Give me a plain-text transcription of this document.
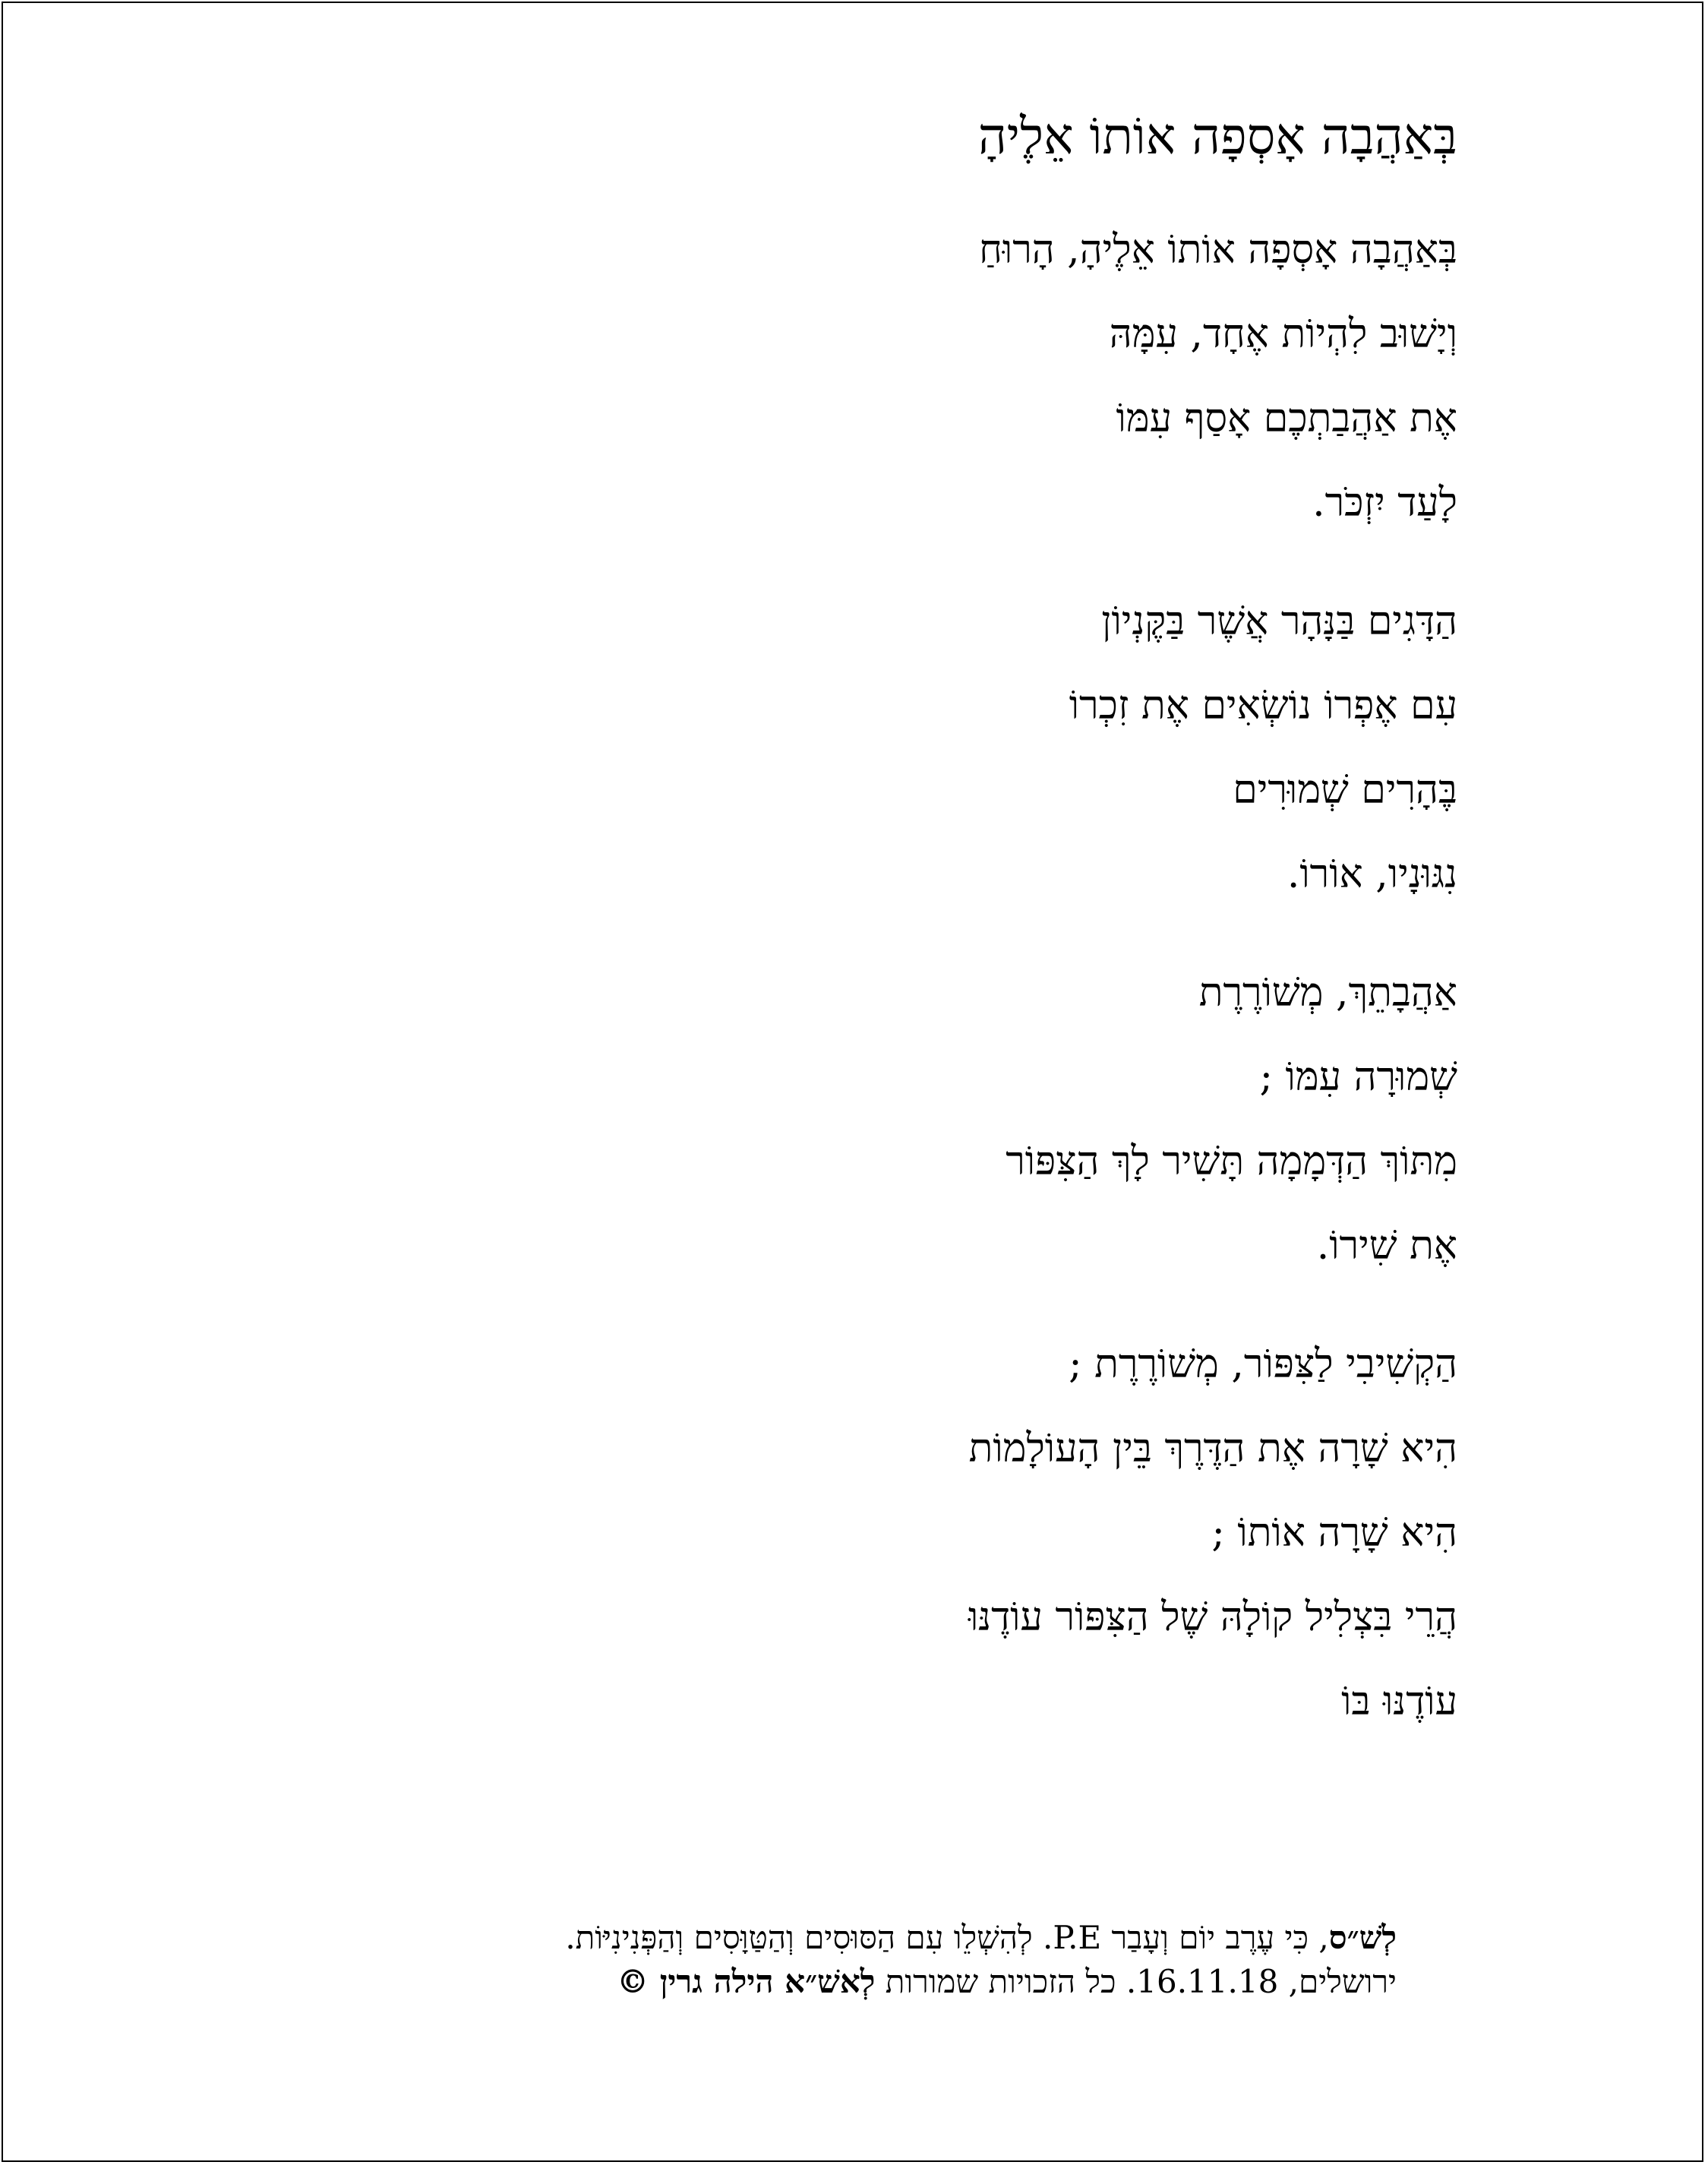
בְּאַהֲבָה אָסְפָה אוֹתוֹ אֵלֶיהָ
בְּאַהֲבָה אָסְפָה אוֹתוֹ אֵלֶיהָ, הָרוּחַ
וְיָשׁוּב לִהְיוֹת אֶחָד, עִמָּהּ
אֶת אַהֲבַתְכֶם אָסַף עִמּוֹ
לָעַד יִזְכֹּר.
הַדָּגִים בַּנָּהָר אֲשֶׁר בַּקֶּנְיוֹן
עִם אֶפְרוֹ נוֹשְׂאִים אֶת זִכְרוֹ
בֶּהָרִים שְׁמוּרִים
נִגּוּנָיו, אוֹרוֹ.
אַהֲבָתֵךְ, מְשׁוֹרֶרֶת
שְׁמוּרָה עִמּוֹ ;
מִתּוֹךְ הַדְּמָמָה תָּשִׁיר לָךְ הַצִּפּוֹר
אֶת שִׁירוֹ.
הַקְשִׁיבִי לַצִּפּוֹר, מְשׁוֹרֶרֶת ;
הִיא שָׁרָה אֶת הַדֶּרֶךְ בֵּין הָעוֹלָמוֹת
הִיא שָׁרָה אוֹתוֹ ;
הֲרֵי בִּצְלִיל קוֹלָהּ שֶׁל הַצִּפּוֹר עוֹדֶנּוּ
עוֹדֶנּוּ בּוֹ
לְשׁ״ס, כִּי עֶרֶב יוֹם וְעָבַר P.E. לְהִשְׁלֵו עִם הַסּוּסִים וְהַטַּוָּסִים וְהַפְּנִינִיּוֹת.
ירושלים, 16.11.18. כל הזכויות שמורות לְאשׁ״א הילה גרין ©
